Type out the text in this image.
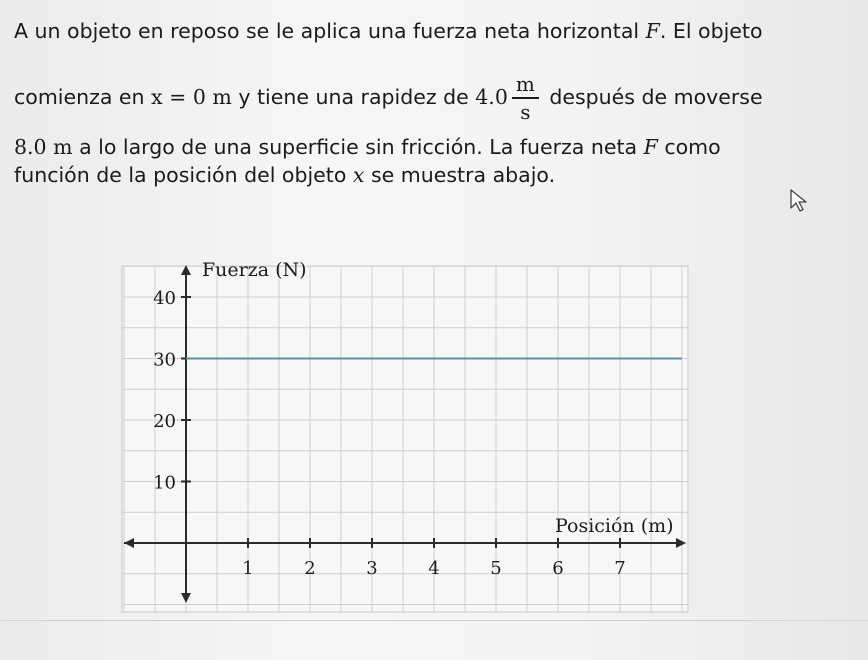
A un objeto en reposo se le aplica una fuerza neta horizontal F. El objeto
comienza en x = 0 m y tiene una rapidez de $4.0 \frac{m}{s}$ después de moverse
8.0 m a lo largo de una superficie sin fricción. La fuerza neta F como
función de la posición del objeto x se muestra abajo.
1	2	3	4	5	6	7
10
20
30
40
Fuerza (N)
Posición (m)
